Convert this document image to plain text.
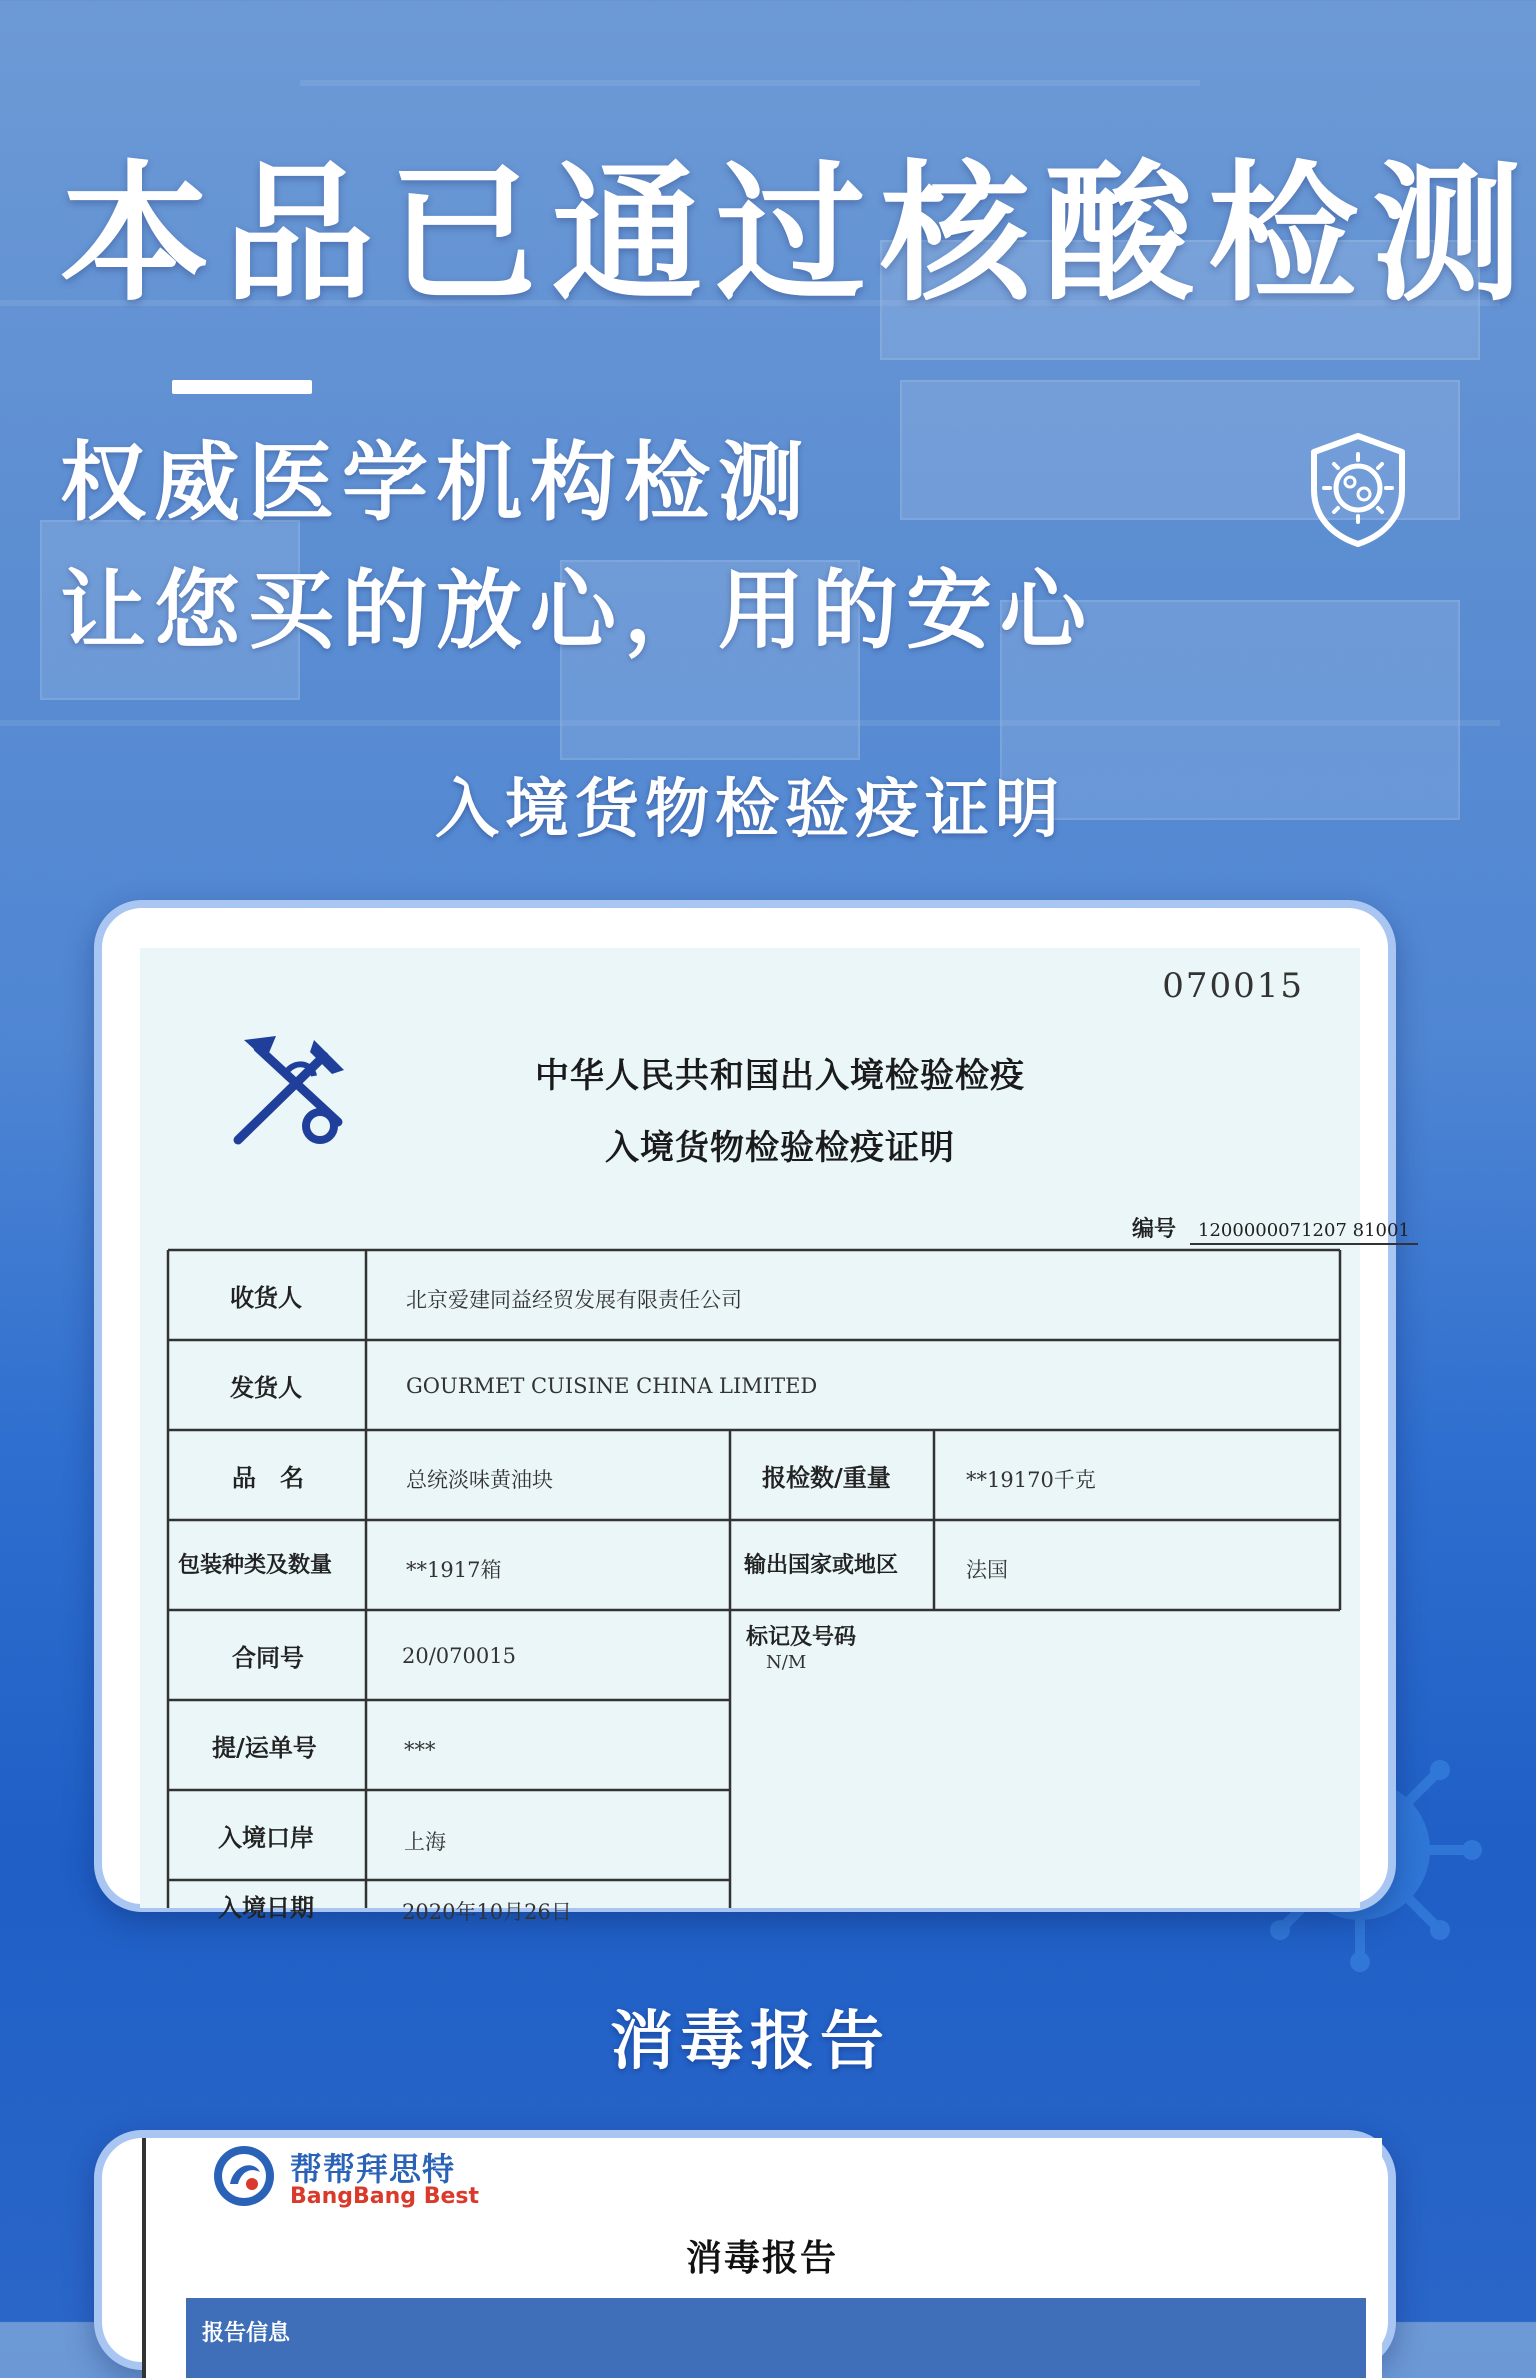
本品已通过核酸检测
权威医学机构检测
让您买的放心，用的安心
入境货物检验疫证明
070015
中华人民共和国出入境检验检疫
入境货物检验检疫证明
编号 1200000071207 81001
收货人	北京爱建同益经贸发展有限责任公司
发货人	GOURMET CUISINE CHINA LIMITED
品　名	总统淡味黄油块	报检数/重量	**19170千克
包装种类及数量	**1917箱	输出国家或地区	法国
合同号	20/070015
标记及号码
N/M
提/运单号	***
入境口岸	上海
入境日期	2020年10月26日
消毒报告
帮帮拜思特
BangBang Best
消毒报告
报告信息
